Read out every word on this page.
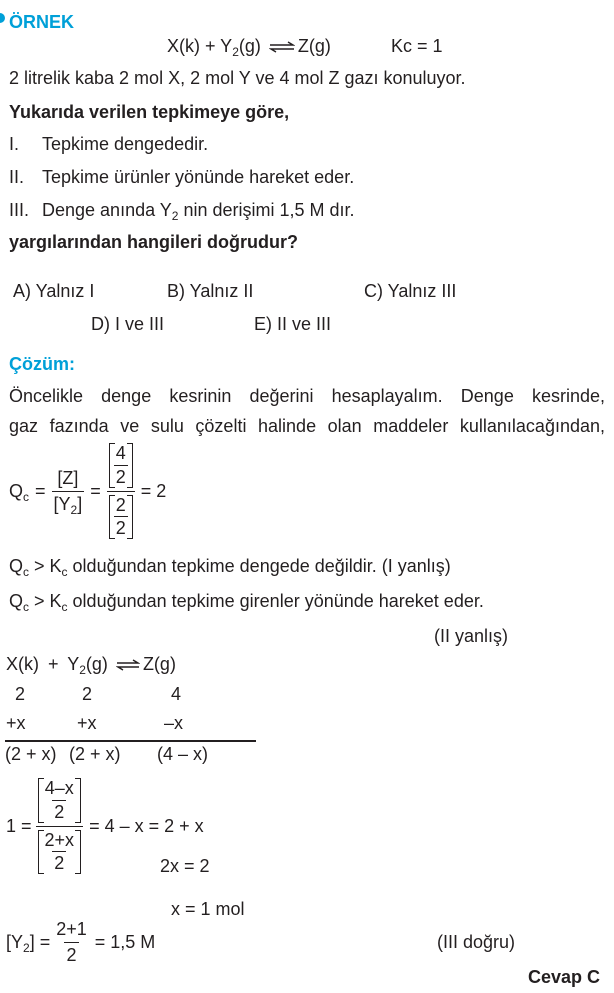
ÖRNEK
$X(k) + Y_2(g)$ ⇌ Z(g)	Kc = 1
2 litrelik kaba 2 mol X, 2 mol Y ve 4 mol Z gazı konuluyor.
Yukarıda verilen tepkimeye göre,
I. Tepkime dengededir.
II. Tepkime ürünler yönünde hareket eder.
III. Denge anında $Y_2$ nin derişimi 1,5 M dır.
yargılarından hangileri doğrudur?
A) Yalnız I	B) Yalnız II	C) Yalnız III
D) I ve III	E) II ve III
Çözüm:
Öncelikle denge kesrinin değerini hesaplayalım. Denge kesrinde,
gaz fazında ve sulu çözelti halinde olan maddeler kullanılacağından,
$Q_c = \frac{[Z]}{[Y_2]} = \frac{\frac{4}{2}}{\frac{2}{2}} = 2$
$Q_c > K_c$ olduğundan tepkime dengede değildir. (I yanlış)
$Q_c > K_c$ olduğundan tepkime girenler yönünde hareket eder.
(II yanlış)
$X(k) + Y_2(g)$ ⇌ Z(g)
2	2	4
+x	+x	–x
(2 + x) (2 + x) (4 – x)
$1 = \frac{\frac{4-x}{2}}{\frac{2+x}{2}} = 4 - x = 2 + x$
2x = 2
x = 1 mol
$[Y_2] = \frac{2+1}{2} = 1,5$ M	(III doğru)
Cevap C
